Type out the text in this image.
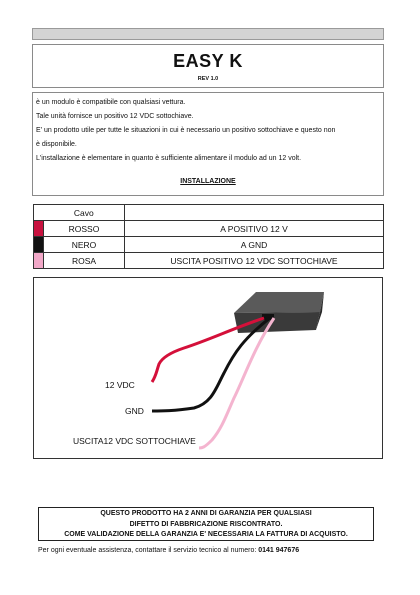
EASY K
REV 1.0

è un modulo è compatibile con qualsiasi vettura.

Tale unità fornisce un positivo 12 VDC sottochiave.

E' un prodotto utile per tutte le situazioni in cui è necessario un positivo sottochiave e questo non

è disponibile.

L'installazione è elementare in quanto è sufficiente alimentare il modulo ad un 12 volt.

INSTALLAZIONE
	Cavo	
	ROSSO	A POSITIVO 12 V
	NERO	A GND
	ROSA	USCITA POSITIVO 12 VDC SOTTOCHIAVE
12 VDC
GND
USCITA12 VDC SOTTOCHIAVE
QUESTO PRODOTTO HA 2 ANNI DI GARANZIA PER QUALSIASI
DIFETTO DI FABBRICAZIONE RISCONTRATO.
COME VALIDAZIONE DELLA GARANZIA E' NECESSARIA LA FATTURA DI ACQUISTO.
Per ogni eventuale assistenza, contattare il servizio tecnico al numero: 0141 947676
